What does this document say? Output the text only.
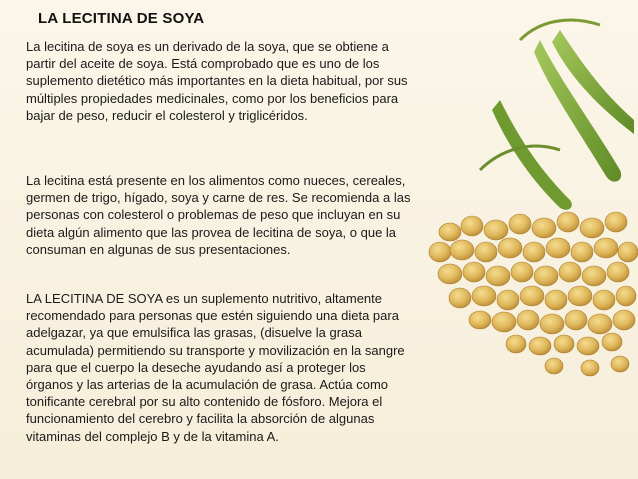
LA LECITINA DE SOYA

La lecitina de soya es un derivado de la soya, que se obtiene a partir del aceite de soya. Está comprobado que es uno de los suplemento dietético más importantes en la dieta habitual, por sus múltiples propiedades medicinales, como por los beneficios para bajar de peso, reducir el colesterol y triglicéridos.

La lecitina está presente en los alimentos como nueces, cereales, germen de trigo, hígado, soya y carne de res. Se recomienda a las personas con colesterol o problemas de peso que incluyan en su dieta algún alimento que las provea de lecitina de soya, o que la consuman en algunas de sus presentaciones.

LA LECITINA DE SOYA es un suplemento nutritivo, altamente recomendado para personas que estén siguiendo una dieta para adelgazar, ya que emulsifica las grasas, (disuelve la grasa acumulada) permitiendo su transporte y movilización en la sangre para que el cuerpo la deseche ayudando así a proteger los órganos y las arterias de la acumulación de grasa. Actúa como tonificante cerebral por su alto contenido de fósforo. Mejora el funcionamiento del cerebro y facilita la absorción de algunas vitaminas del complejo B y de la vitamina A.
